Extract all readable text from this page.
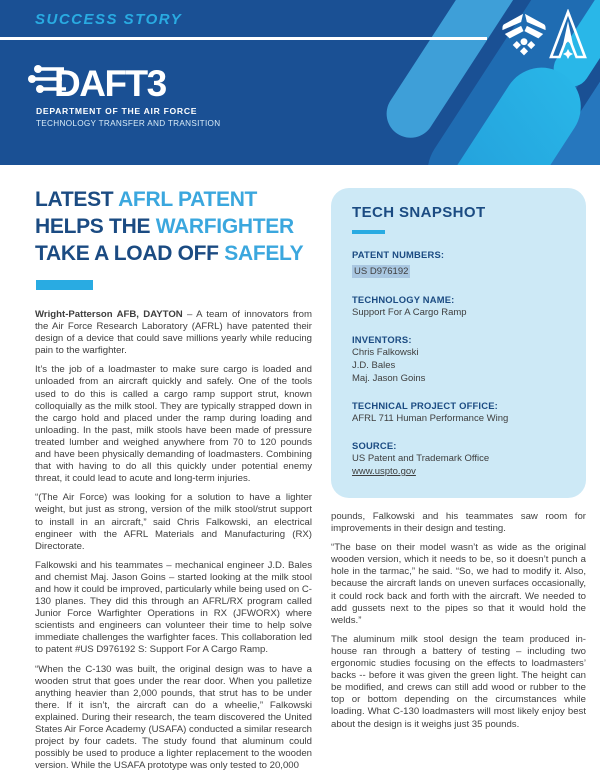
SUCCESS STORY
DAFT3
DEPARTMENT OF THE AIR FORCE
TECHNOLOGY TRANSFER AND TRANSITION
LATEST AFRL PATENT
HELPS THE WARFIGHTER
TAKE A LOAD OFF SAFELY

Wright-Patterson AFB, DAYTON – A team of innovators from the Air Force Research Laboratory (AFRL) have patented their design of a device that could save millions yearly while reducing pain to the warfighter.

It’s the job of a loadmaster to make sure cargo is loaded and unloaded from an aircraft quickly and safely. One of the tools used to do this is called a cargo ramp support strut, known colloquially as the milk stool. They are typically strapped down in the cargo hold and placed under the ramp during loading and unloading. In the past, milk stools have been made of pressure treated lumber and weighed anywhere from 70 to 120 pounds and have been physically demanding of loadmasters. Combining that with having to do all this quickly under potential enemy threat, it could lead to acute and long-term injuries.

“(The Air Force) was looking for a solution to have a lighter weight, but just as strong, version of the milk stool/strut support to install in an aircraft,” said Chris Falkowski, an electrical engineer with the AFRL Materials and Manufacturing (RX) Directorate.

Falkowski and his teammates – mechanical engineer J.D. Bales and chemist Maj. Jason Goins – started looking at the milk stool and how it could be improved, particularly while being used on C-130 planes. They did this through an AFRL/RX program called Junior Force Warfighter Operations in RX (JFWORX) where scientists and engineers can volunteer their time to help solve immediate challenges the warfighter faces. This collaboration led to patent #US D976192 S: Support For A Cargo Ramp.

“When the C-130 was built, the original design was to have a wooden strut that goes under the rear door. When you palletize anything heavier than 2,000 pounds, that strut has to be under there. If it isn’t, the aircraft can do a wheelie,” Falkowski explained. During their research, the team discovered the United States Air Force Academy (USAFA) conducted a similar research project by four cadets. The study found that aluminum could possibly be used to produce a lighter replacement to the wooden version. While the USAFA prototype was only tested to 20,000

TECH SNAPSHOT
PATENT NUMBERS:
US D976192
TECHNOLOGY NAME:
Support For A Cargo Ramp
INVENTORS:
Chris Falkowski
J.D. Bales
Maj. Jason Goins
TECHNICAL PROJECT OFFICE:
AFRL 711 Human Performance Wing
SOURCE:
US Patent and Trademark Office
www.uspto.gov

pounds, Falkowski and his teammates saw room for improvements in their design and testing.

“The base on their model wasn’t as wide as the original wooden version, which it needs to be, so it doesn’t punch a hole in the tarmac,” he said. “So, we had to modify it. Also, because the aircraft lands on uneven surfaces occasionally, it could rock back and forth with the aircraft. We needed to add gussets next to the pipes so that it would hold the welds.”

The aluminum milk stool design the team produced in-house ran through a battery of testing – including two ergonomic studies focusing on the effects to loadmasters’ backs -- before it was given the green light. The height can be modified, and crews can still add wood or rubber to the top or bottom depending on the circumstances while loading. What C-130 loadmasters will most likely enjoy best about the design is it weighs just 35 pounds.
